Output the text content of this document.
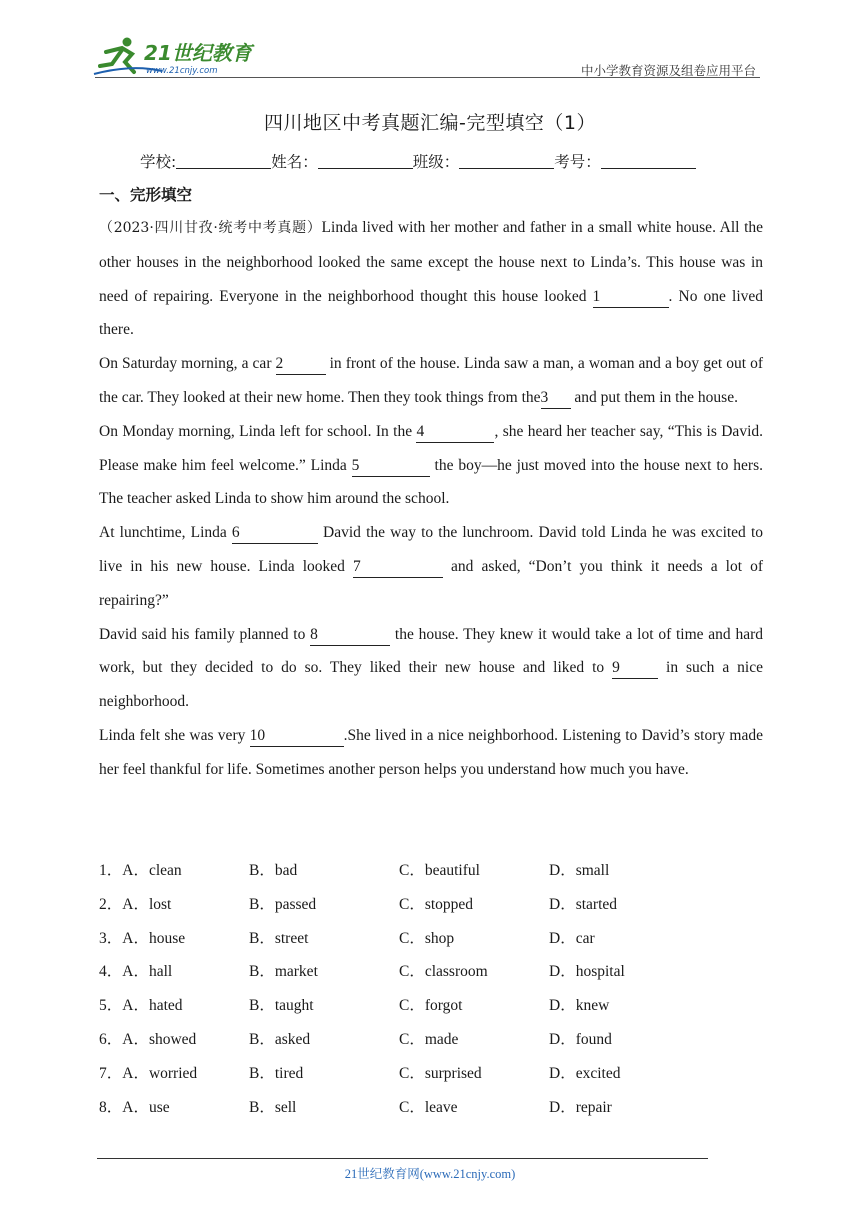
21世纪教育
www.21cnjy.com	中小学教育资源及组卷应用平台
四川地区中考真题汇编-完型填空（1）
学校:	姓名：	班级：	考号：
一、完形填空

（2023·四川甘孜·统考中考真题）Linda lived with her mother and father in a small white house. All the other houses in the neighborhood looked the same except the house next to Linda’s. This house was in need of repairing. Everyone in the neighborhood thought this house looked 1	. No one lived there.

On Saturday morning, a car 2	in front of the house. Linda saw a man, a woman and a boy get out of the car. They looked at their new home. Then they took things from the3 and put them in the house.

On Monday morning, Linda left for school. In the 4	, she heard her teacher say, “This is David. Please make him feel welcome.” Linda 5	the boy—he just moved into the house next to hers. The teacher asked Linda to show him around the school.

At lunchtime, Linda 6	David the way to the lunchroom. David told Linda he was excited to live in his new house. Linda looked 7	and asked, “Don’t you think it needs a lot of repairing?”

David said his family planned to 8	the house. They knew it would take a lot of time and hard work, but they decided to do so. They liked their new house and liked to 9 in such a nice neighborhood.

Linda felt she was very 10	.She lived in a nice neighborhood. Listening to David’s story made her feel thankful for life. Sometimes another person helps you understand how much you have.

1．A．clean	B．bad	C．beautiful	D．small
2．A．lost	B．passed	C．stopped	D．started
3．A．house	B．street	C．shop	D．car
4．A．hall	B．market	C．classroom	D．hospital
5．A．hated	B．taught	C．forgot	D．knew
6．A．showed	B．asked	C．made	D．found
7．A．worried	B．tired	C．surprised	D．excited
8．A．use	B．sell	C．leave	D．repair
21世纪教育网(www.21cnjy.com)
